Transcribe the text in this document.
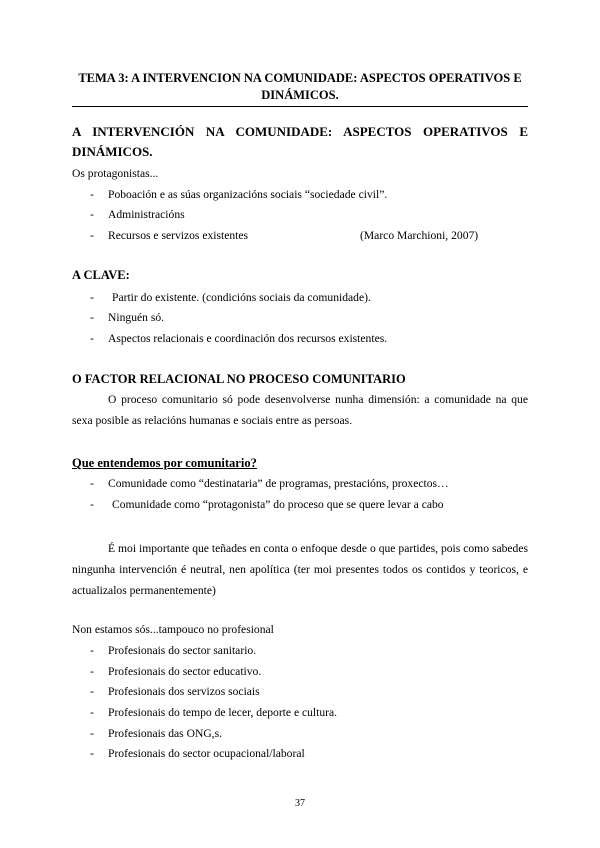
TEMA 3: A INTERVENCION NA COMUNIDADE: ASPECTOS OPERATIVOS E DINÁMICOS.
A INTERVENCIÓN NA COMUNIDADE: ASPECTOS OPERATIVOS E
DINÁMICOS.
Os protagonistas...
- Poboación e as súas organizacións sociais “sociedade civil”.
- Administracións
- Recursos e servizos existentes	(Marco Marchioni, 2007)
A CLAVE:
- Partir do existente. (condicións sociais da comunidade).
- Ninguén só.
- Aspectos relacionais e coordinación dos recursos existentes.
O FACTOR RELACIONAL NO PROCESO COMUNITARIO
O proceso comunitario só pode desenvolverse nunha dimensión: a comunidade na que sexa posible as relacións humanas e sociais entre as persoas.
Que entendemos por comunitario?
- Comunidade como “destinataria” de programas, prestacións, proxectos…
- Comunidade como “protagonista” do proceso que se quere levar a cabo
É moi importante que teñades en conta o enfoque desde o que partides, pois como sabedes ningunha intervención é neutral, nen apolítica (ter moi presentes todos os contidos y teoricos, e actualizalos permanentemente)
Non estamos sós...tampouco no profesional
- Profesionais do sector sanitario.
- Profesionais do sector educativo.
- Profesionais dos servizos sociais
- Profesionais do tempo de lecer, deporte e cultura.
- Profesionais das ONG,s.
- Profesionais do sector ocupacional/laboral
37
